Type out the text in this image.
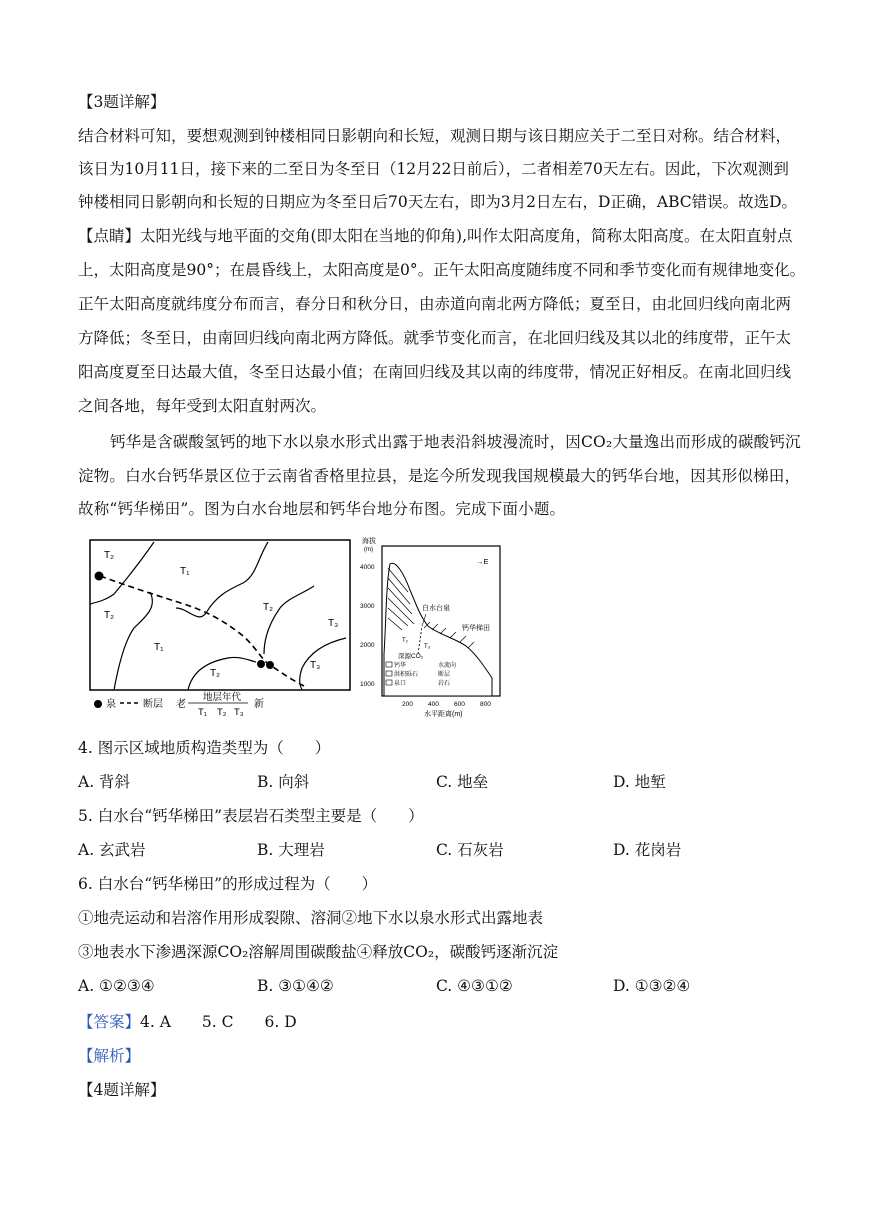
【3题详解】
结合材料可知，要想观测到钟楼相同日影朝向和长短，观测日期与该日期应关于二至日对称。结合材料，
该日为10月11日，接下来的二至日为冬至日（12月22日前后），二者相差70天左右。因此，下次观测到
钟楼相同日影朝向和长短的日期应为冬至日后70天左右，即为3月2日左右，D正确，ABC错误。故选D。
【点睛】太阳光线与地平面的交角(即太阳在当地的仰角),叫作太阳高度角，简称太阳高度。在太阳直射点
上，太阳高度是90°；在晨昏线上，太阳高度是0°。正午太阳高度随纬度不同和季节变化而有规律地变化。
正午太阳高度就纬度分布而言，春分日和秋分日，由赤道向南北两方降低；夏至日，由北回归线向南北两
方降低；冬至日，由南回归线向南北两方降低。就季节变化而言，在北回归线及其以北的纬度带，正午太
阳高度夏至日达最大值，冬至日达最小值；在南回归线及其以南的纬度带，情况正好相反。在南北回归线
之间各地，每年受到太阳直射两次。
钙华是含碳酸氢钙的地下水以泉水形式出露于地表沿斜坡漫流时，因CO₂大量逸出而形成的碳酸钙沉
淀物。白水台钙华景区位于云南省香格里拉县，是迄今所发现我国规模最大的钙华台地，因其形似梯田，
故称“钙华梯田”。图为白水台地层和钙华台地分布图。完成下面小题。
T₂
T₁
T₂
T₂
T₃
T₁
T₂
T₃
泉	断层 老
地层年代
T₁ T₂ T₃
新
海拔
(m)
4000
3000
2000
1000
→E
白水台泉
钙华梯田
T₂
T₃
深源CO₂
钙华	水流向
洪积砾石	断层
泉口	岩石
200 400 600 800
水平距离(m)
4. 图示区域地质构造类型为（　　）
A. 背斜	B. 向斜	C. 地垒	D. 地堑
5. 白水台“钙华梯田”表层岩石类型主要是（　　）
A. 玄武岩	B. 大理岩	C. 石灰岩	D. 花岗岩
6. 白水台“钙华梯田”的形成过程为（　　）
①地壳运动和岩溶作用形成裂隙、溶洞②地下水以泉水形式出露地表
③地表水下渗遇深源CO₂溶解周围碳酸盐④释放CO₂，碳酸钙逐渐沉淀
A. ①②③④	B. ③①④②	C. ④③①②	D. ①③②④
【答案】4. A　　5. C　　6. D
【解析】
【4题详解】
